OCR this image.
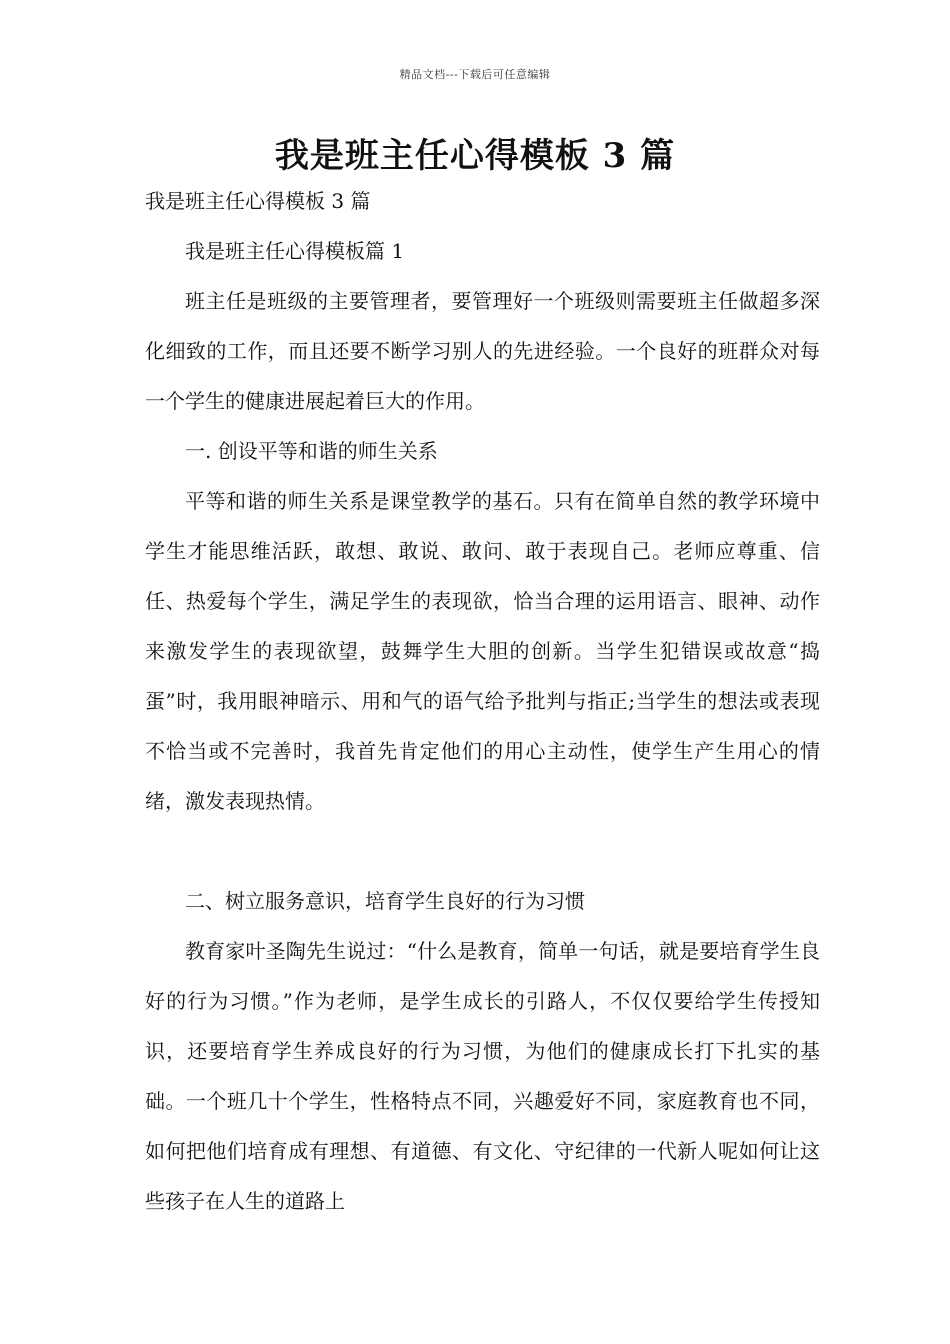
精品文档---下载后可任意编辑
我是班主任心得模板 3 篇

我是班主任心得模板 3 篇

我是班主任心得模板篇 1

班主任是班级的主要管理者，要管理好一个班级则需要班主任做超多深化细致的工作，而且还要不断学习别人的先进经验。一个良好的班群众对每一个学生的健康进展起着巨大的作用。

一. 创设平等和谐的师生关系

平等和谐的师生关系是课堂教学的基石。只有在简单自然的教学环境中学生才能思维活跃，敢想、敢说、敢问、敢于表现自己。老师应尊重、信任、热爱每个学生，满足学生的表现欲，恰当合理的运用语言、眼神、动作来激发学生的表现欲望，鼓舞学生大胆的创新。当学生犯错误或故意“捣蛋”时，我用眼神暗示、用和气的语气给予批判与指正;当学生的想法或表现不恰当或不完善时，我首先肯定他们的用心主动性，使学生产生用心的情绪，激发表现热情。

二、树立服务意识，培育学生良好的行为习惯

教育家叶圣陶先生说过：“什么是教育，简单一句话，就是要培育学生良好的行为习惯。”作为老师，是学生成长的引路人，不仅仅要给学生传授知识，还要培育学生养成良好的行为习惯，为他们的健康成长打下扎实的基础。一个班几十个学生，性格特点不同，兴趣爱好不同，家庭教育也不同，如何把他们培育成有理想、有道德、有文化、守纪律的一代新人呢如何让这些孩子在人生的道路上
